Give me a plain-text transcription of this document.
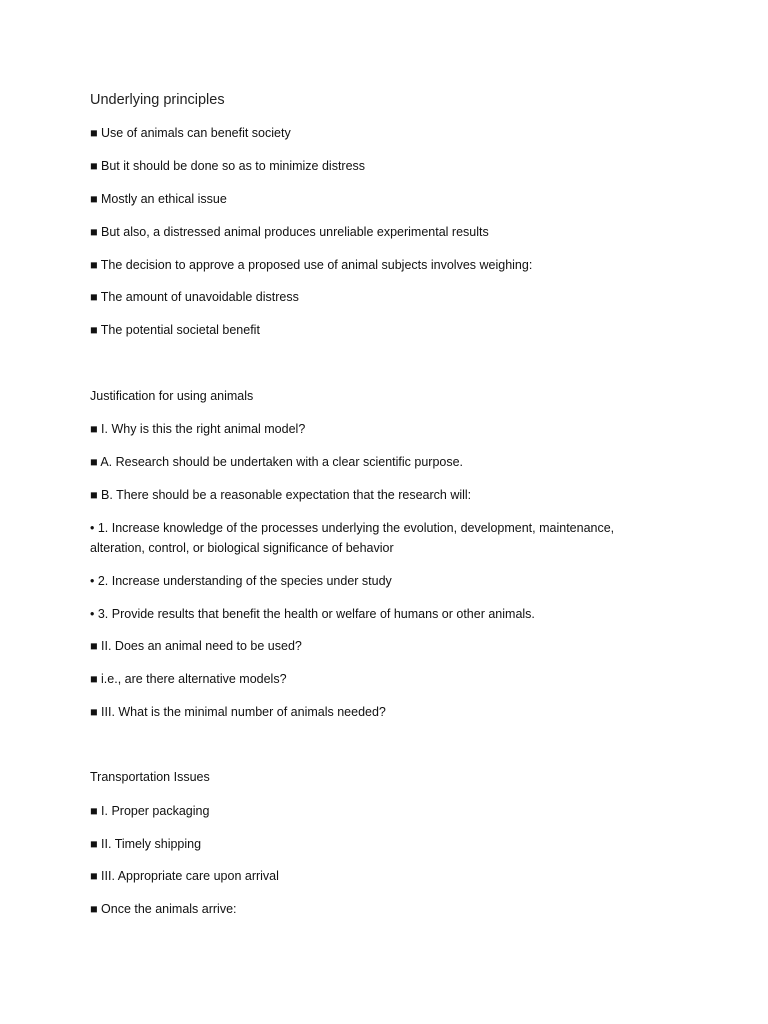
Underlying principles
■ Use of animals can benefit society
■ But it should be done so as to minimize distress
■ Mostly an ethical issue
■ But also, a distressed animal produces unreliable experimental results
■ The decision to approve a proposed use of animal subjects involves weighing:
■ The amount of unavoidable distress
■ The potential societal benefit
Justification for using animals
■ I. Why is this the right animal model?
■ A. Research should be undertaken with a clear scientific purpose.
■ B. There should be a reasonable expectation that the research will:
• 1. Increase knowledge of the processes underlying the evolution, development, maintenance, alteration, control, or biological significance of behavior
• 2. Increase understanding of the species under study
• 3. Provide results that benefit the health or welfare of humans or other animals.
■ II. Does an animal need to be used?
■ i.e., are there alternative models?
■ III. What is the minimal number of animals needed?
Transportation Issues
■ I. Proper packaging
■ II. Timely shipping
■ III. Appropriate care upon arrival
■ Once the animals arrive:
